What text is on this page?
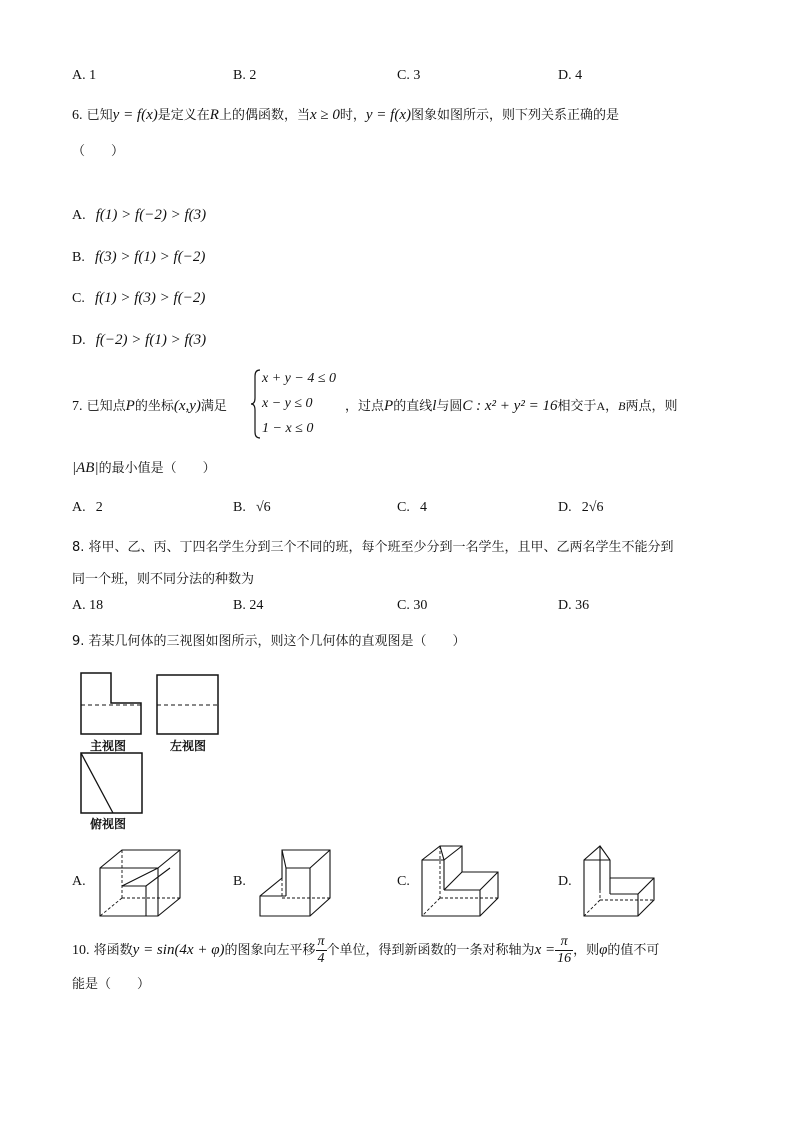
A. 1	B. 2	C. 3	D. 4
6. 已知y = f(x)是定义在R上的偶函数，当x ≥ 0时，y = f(x)图象如图所示，则下列关系正确的是
（　　）
A. f(1) > f(−2) > f(3)
B. f(3) > f(1) > f(−2)
C. f(1) > f(3) > f(−2)
D. f(−2) > f(1) > f(3)
7. 已知点P的坐标(x,y)满足
x + y − 4 ≤ 0
x − y ≤ 0
1 − x ≤ 0
，过点P的直线l与圆C : x² + y² = 16相交于A，B两点，则
|AB|的最小值是（　　）
A. 2	B. √6	C. 4	D. 2√6
8. 将甲、乙、丙、丁四名学生分到三个不同的班，每个班至少分到一名学生，且甲、乙两名学生不能分到
同一个班，则不同分法的种数为
A. 18	B. 24	C. 30	D. 36
9. 若某几何体的三视图如图所示，则这个几何体的直观图是（　　）
主视图	左视图
俯视图
A.	B.	C.	D.
10. 将函数y = sin(4x + φ)的图象向左平移 $\frac{\pi}{4}$ 个单位，得到新函数的一条对称轴为$x = \frac{\pi}{16}$ ，则φ的值不可
能是（　　）
